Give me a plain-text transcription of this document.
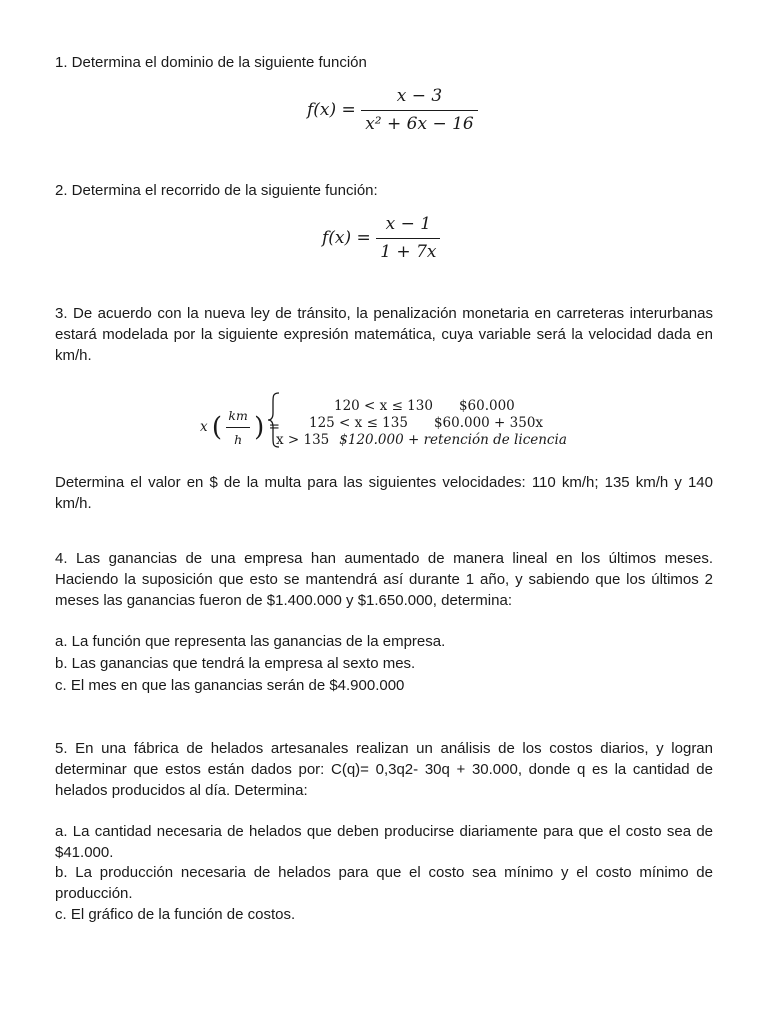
1. Determina el dominio de la siguiente función

$f(x) = \frac{x - 3}{\text{x² + 6x − 16}}$

2. Determina el recorrido de la siguiente función:

$f(x) = \frac{x - 1}{1 + 7x}$

3. De acuerdo con la nueva ley de tránsito, la penalización monetaria en carreteras interurbanas estará modelada por la siguiente expresión matemática, cuya variable será la velocidad dada en km/h.

x ( $\frac{km}{h}$ ) =
120 < x ≤ 130 $60.000
125 < x ≤ 135 $60.000 + 350x
x > 135 $120.000 + retención de licencia

Determina el valor en $ de la multa para las siguientes velocidades: 110 km/h; 135 km/h y 140 km/h.

4. Las ganancias de una empresa han aumentado de manera lineal en los últimos meses. Haciendo la suposición que esto se mantendrá así durante 1 año, y sabiendo que los últimos 2 meses las ganancias fueron de $1.400.000 y $1.650.000, determina:

a. La función que representa las ganancias de la empresa.

b. Las ganancias que tendrá la empresa al sexto mes.

c. El mes en que las ganancias serán de $4.900.000

5. En una fábrica de helados artesanales realizan un análisis de los costos diarios, y logran determinar que estos están dados por: C(q)= 0,3q2- 30q + 30.000, donde q es la cantidad de helados producidos al día. Determina:

a. La cantidad necesaria de helados que deben producirse diariamente para que el costo sea de $41.000.

b. La producción necesaria de helados para que el costo sea mínimo y el costo mínimo de producción.

c. El gráfico de la función de costos.
